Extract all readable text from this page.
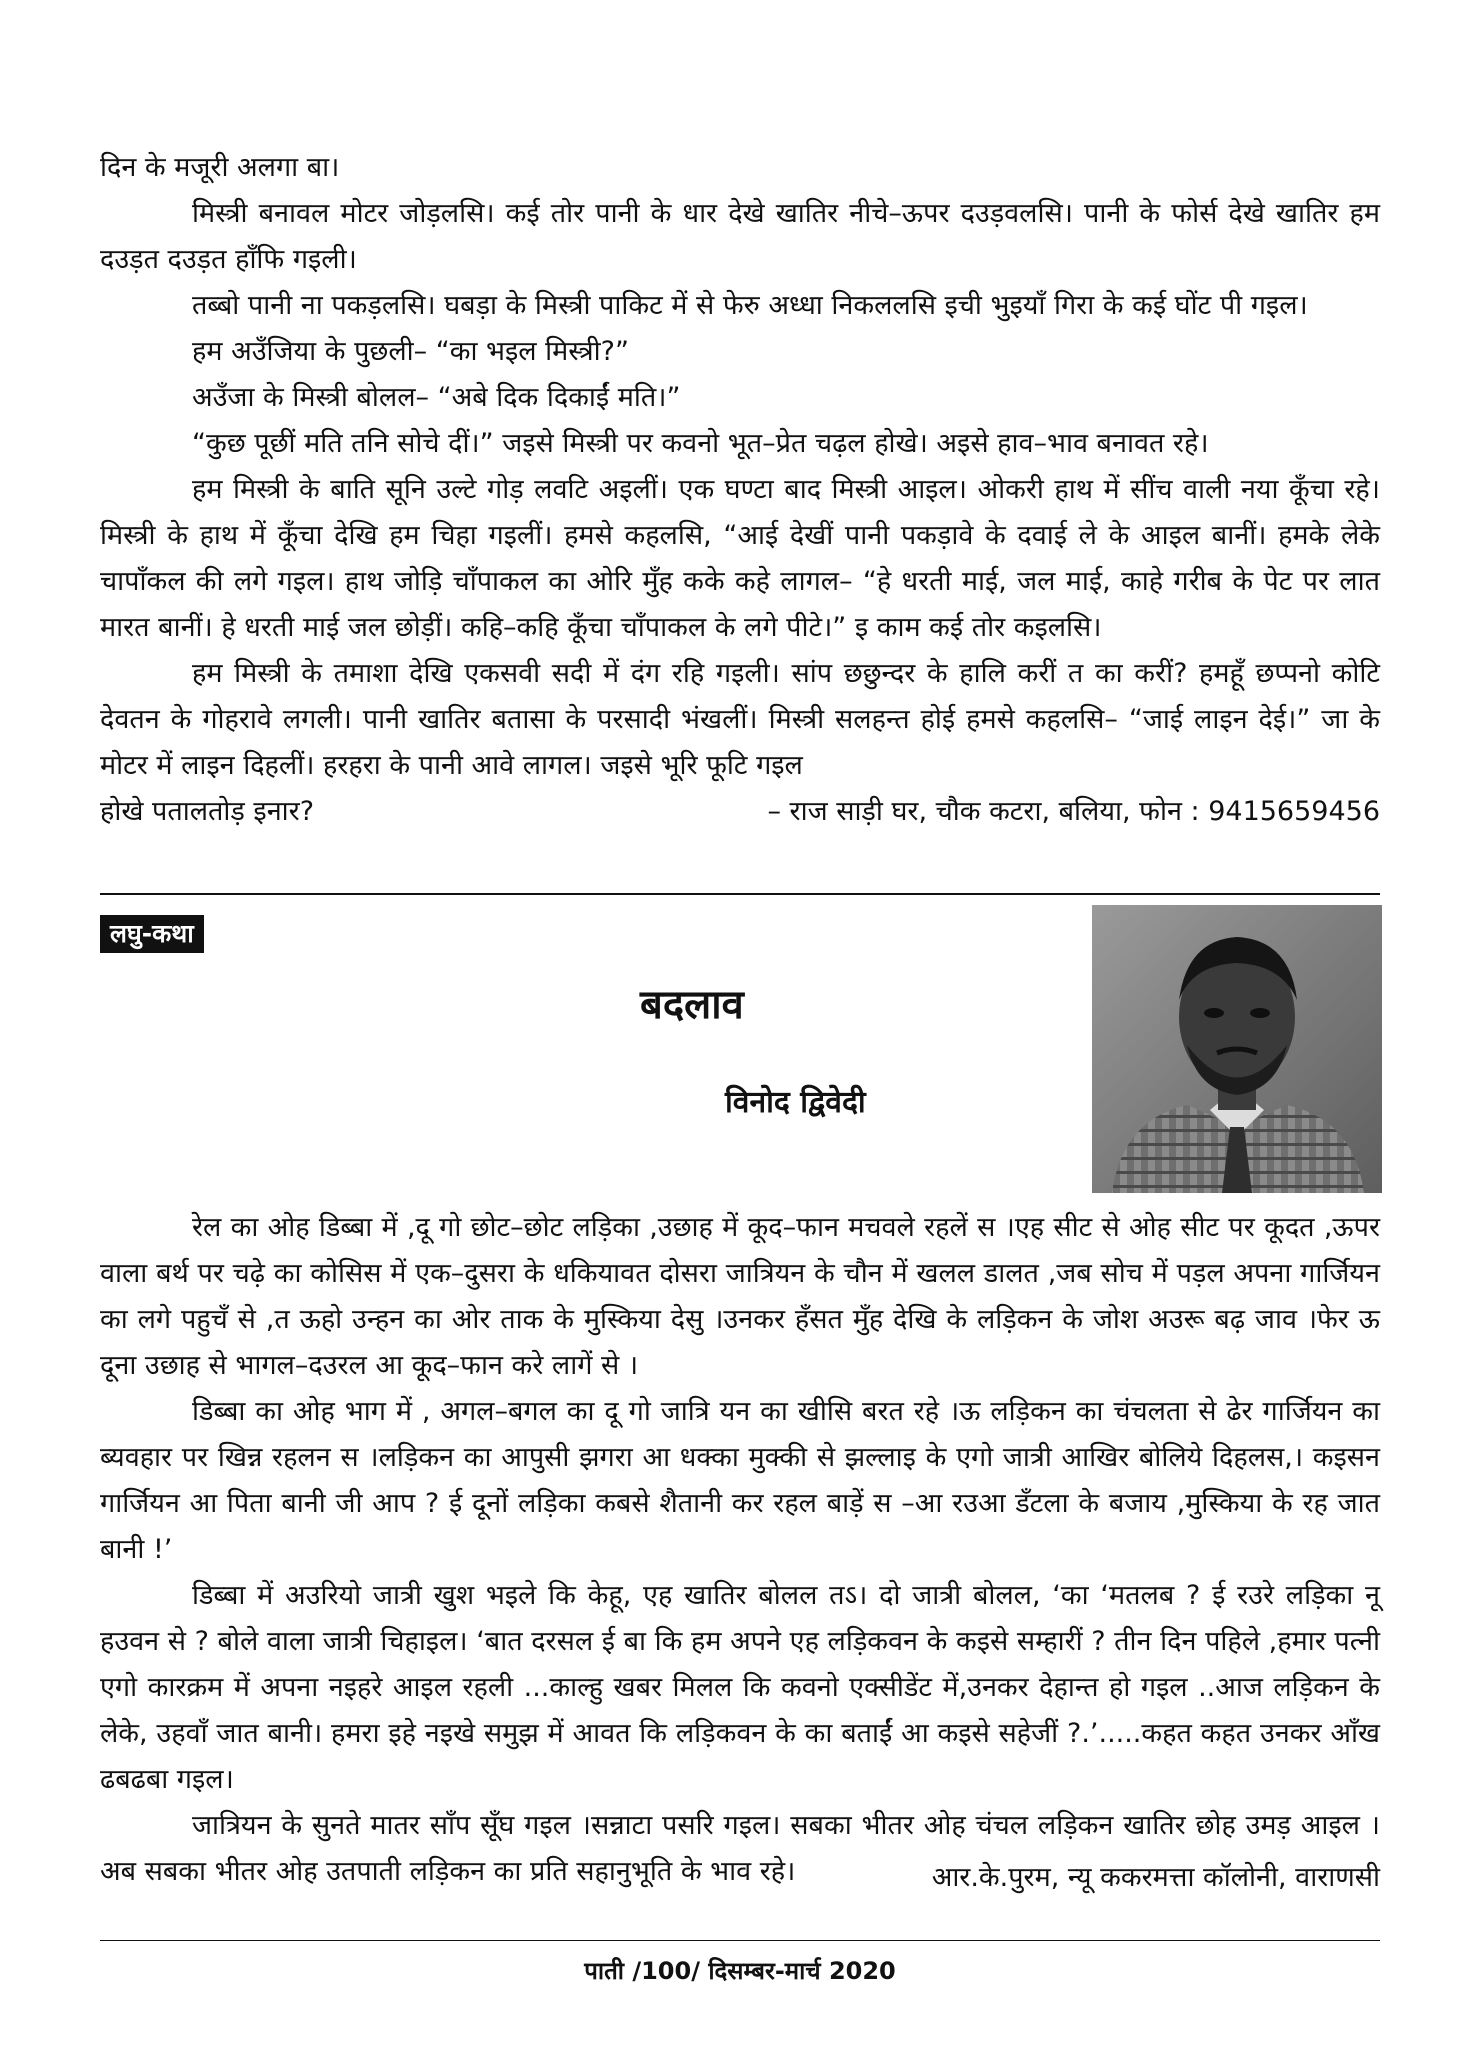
दिन के मजूरी अलगा बा।

मिस्त्री बनावल मोटर जोड़लसि। कई तोर पानी के धार देखे खातिर नीचे–ऊपर दउड़वलसि। पानी के फोर्स देखे खातिर हम दउड़त दउड़त हाँफि गइली।

तब्बो पानी ना पकड़लसि। घबड़ा के मिस्त्री पाकिट में से फेरु अध्धा निकललसि इची भुइयाँ गिरा के कई घोंट पी गइल।

हम अउँजिया के पुछली– “का भइल मिस्त्री?”

अउँजा के मिस्त्री बोलल– “अबे दिक दिकाईं मति।”

“कुछ पूछीं मति तनि सोचे दीं।” जइसे मिस्त्री पर कवनो भूत–प्रेत चढ़ल होखे। अइसे हाव–भाव बनावत रहे।

हम मिस्त्री के बाति सूनि उल्टे गोड़ लवटि अइलीं। एक घण्टा बाद मिस्त्री आइल। ओकरी हाथ में सींच वाली नया कूँचा रहे। मिस्त्री के हाथ में कूँचा देखि हम चिहा गइलीं। हमसे कहलसि, “आई देखीं पानी पकड़ावे के दवाई ले के आइल बानीं। हमके लेके चापाँकल की लगे गइल। हाथ जोड़ि चाँपाकल का ओरि मुँह कके कहे लागल– “हे धरती माई, जल माई, काहे गरीब के पेट पर लात मारत बानीं। हे धरती माई जल छोड़ीं। कहि–कहि कूँचा चाँपाकल के लगे पीटे।” इ काम कई तोर कइलसि।

हम मिस्त्री के तमाशा देखि एकसवी सदी में दंग रहि गइली। सांप छछुन्दर के हालि करीं त का करीं? हमहूँ छप्पनो कोटि देवतन के गोहरावे लगली। पानी खातिर बतासा के परसादी भंखलीं। मिस्त्री सलहन्त होई हमसे कहलसि– “जाई लाइन देई।” जा के मोटर में लाइन दिहलीं। हरहरा के पानी आवे लागल। जइसे भूरि फूटि गइल

होखे पतालतोड़ इनार?	– राज साड़ी घर, चौक कटरा, बलिया, फोन : 9415659456
लघु-कथा
बदलाव
विनोद द्विवेदी

रेल का ओह डिब्बा में ,दू गो छोट–छोट लड़िका ,उछाह में कूद–फान मचवले रहलें स ।एह सीट से ओह सीट पर कूदत ,ऊपर वाला बर्थ पर चढ़े का कोसिस में एक–दुसरा के धकियावत दोसरा जात्रियन के चौन में खलल डालत ,जब सोच में पड़ल अपना गार्जियन का लगे पहुचँ से ,त ऊहो उन्हन का ओर ताक के मुस्किया देसु ।उनकर हँसत मुँह देखि के लड़िकन के जोश अउरू बढ़ जाव ।फेर ऊ दूना उछाह से भागल–दउरल आ कूद–फान करे लागें से ।

डिब्बा का ओह भाग में , अगल–बगल का दू गो जात्रि यन का खीसि बरत रहे ।ऊ लड़िकन का चंचलता से ढेर गार्जियन का ब्यवहार पर खिन्न रहलन स ।लड़िकन का आपुसी झगरा आ धक्का मुक्की से झल्लाइ के एगो जात्री आखिर बोलिये दिहलस,। कइसन गार्जियन आ पिता बानी जी आप ? ई दूनों लड़िका कबसे शैतानी कर रहल बाड़ें स –आ रउआ डँटला के बजाय ,मुस्किया के रह जात बानी !’

डिब्बा में अउरियो जात्री खुश भइले कि केहू, एह खातिर बोलल तऽ। दो जात्री बोलल, ‘का ‘मतलब ? ई रउरे लड़िका नू हउवन से ? बोले वाला जात्री चिहाइल। ‘बात दरसल ई बा कि हम अपने एह लड़िकवन के कइसे सम्हारीं ? तीन दिन पहिले ,हमार पत्नी एगो कारक्रम में अपना नइहरे आइल रहली ...काल्हु खबर मिलल कि कवनो एक्सीडेंट में,उनकर देहान्त हो गइल ..आज लड़िकन के लेके, उहवाँ जात बानी। हमरा इहे नइखे समुझ में आवत कि लड़िकवन के का बताईं आ कइसे सहेजीं ?.’.....कहत कहत उनकर आँख ढबढबा गइल।

जात्रियन के सुनते मातर साँप सूँघ गइल ।सन्नाटा पसरि गइल। सबका भीतर ओह चंचल लड़िकन खातिर छोह उमड़ आइल ।अब सबका भीतर ओह उतपाती लड़िकन का प्रति सहानुभूति के भाव रहे।	आर.के.पुरम, न्यू ककरमत्ता कॉलोनी, वाराणसी
पाती /100/ दिसम्बर-मार्च 2020
